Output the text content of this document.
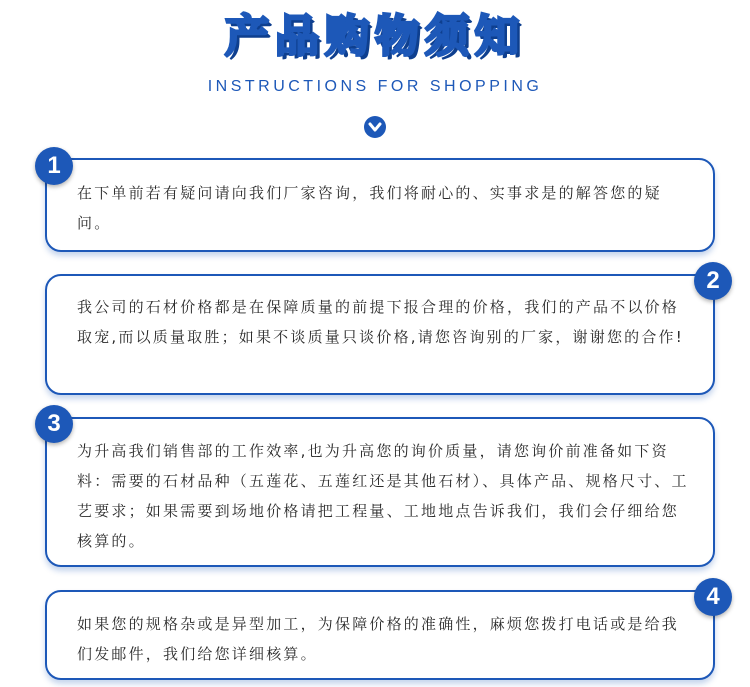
产品购物须知
INSTRUCTIONS FOR SHOPPING
在下单前若有疑问请向我们厂家咨询，我们将耐心的、实事求是的解答您的疑问。
1
我公司的石材价格都是在保障质量的前提下报合理的价格，我们的产品不以价格取宠,而以质量取胜；如果不谈质量只谈价格,请您咨询别的厂家，谢谢您的合作!
2
为升高我们销售部的工作效率,也为升高您的询价质量，请您询价前准备如下资料：需要的石材品种（五莲花、五莲红还是其他石材）、具体产品、规格尺寸、工艺要求；如果需要到场地价格请把工程量、工地地点告诉我们，我们会仔细给您核算的。
3
如果您的规格杂或是异型加工，为保障价格的准确性，麻烦您拨打电话或是给我们发邮件，我们给您详细核算。
4
